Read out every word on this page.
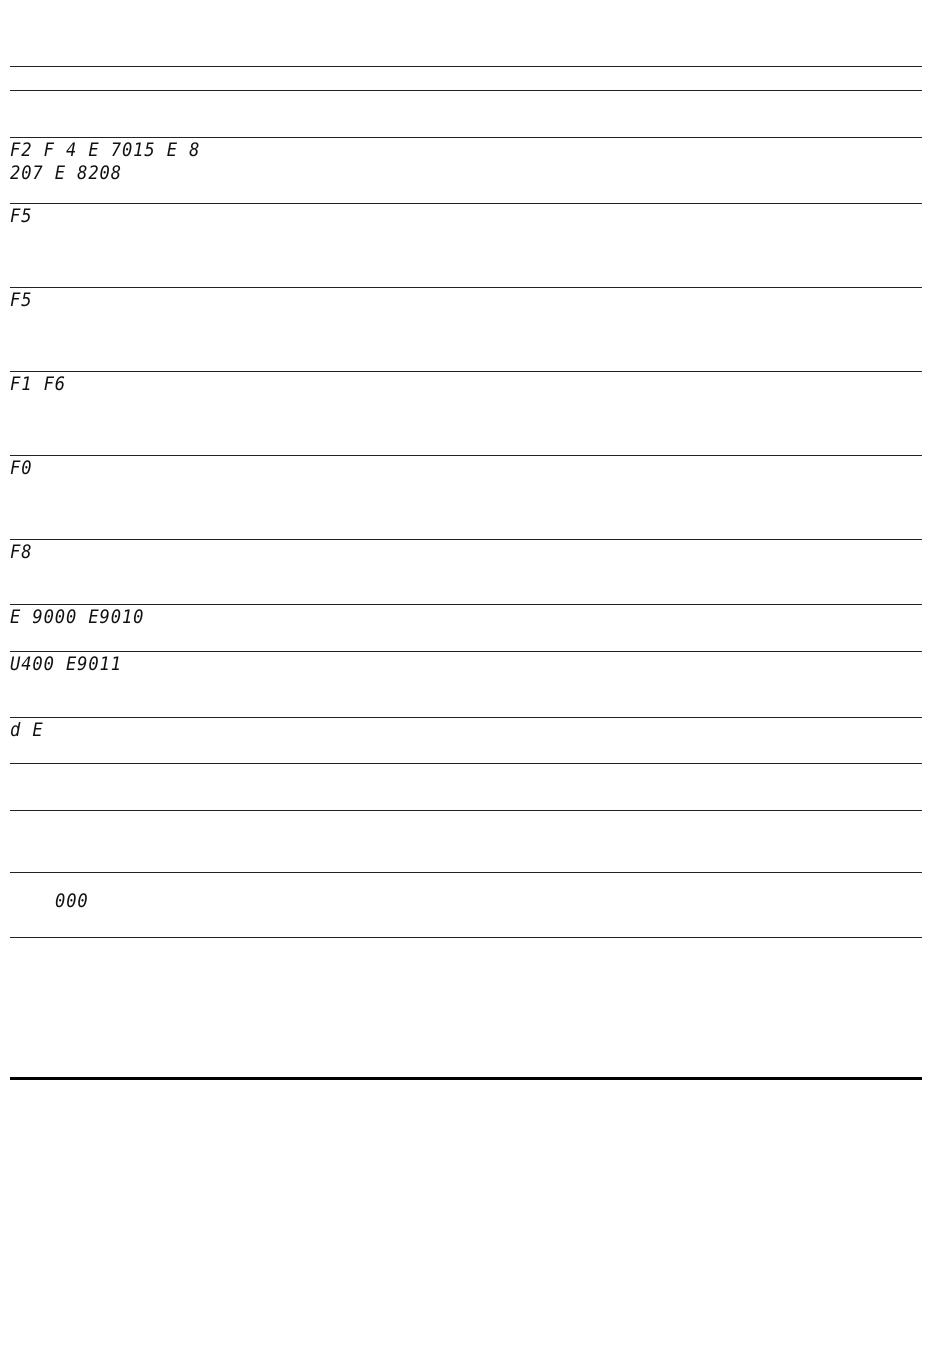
F2 F 4 E 7015 E 8
207 E 8208
F5
F5
F1 F6
F0
F8
E 9000 E9010
U400 E9011
d E
000
